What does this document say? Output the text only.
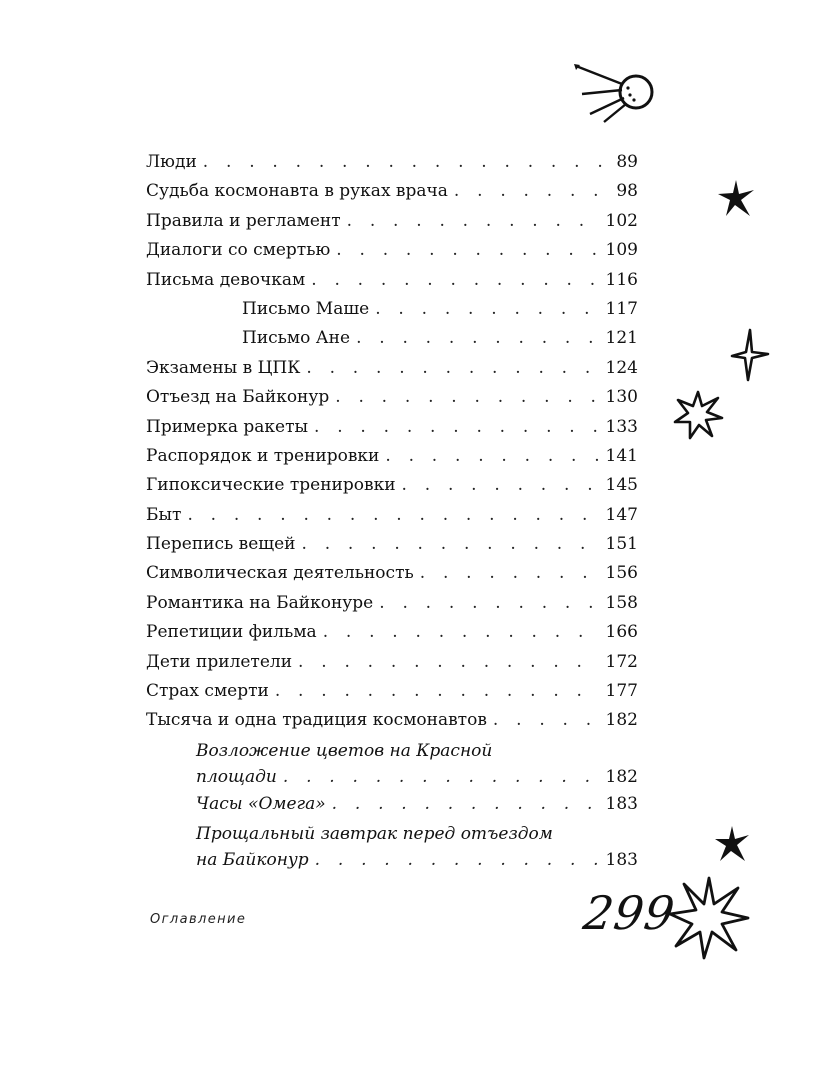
Люди . . .	89
Судьба космонавта в руках врача . . .	98
Правила и регламент . . .	102
Диалоги со смертью . . .	109
Письма девочкам . . .	116
Письмо Маше . . .	117
Письмо Ане . . .	121
Экзамены в ЦПК . . .	124
Отъезд на Байконур . . .	130
Примерка ракеты . . .	133
Распорядок и тренировки . . .	141
Гипоксические тренировки . . .	145
Быт . . .	147
Перепись вещей . . .	151
Символическая деятельность . . .	156
Романтика на Байконуре . . .	158
Репетиции фильма . . .	166
Дети прилетели . . .	172
Страх смерти . . .	177
Тысяча и одна традиция космонавтов . . .	182
Возложение цветов на Красной
площади . . .	182
Часы «Омега» . . .	183
Прощальный завтрак перед отъездом
на Байконур . . .	183
Оглавление	299
